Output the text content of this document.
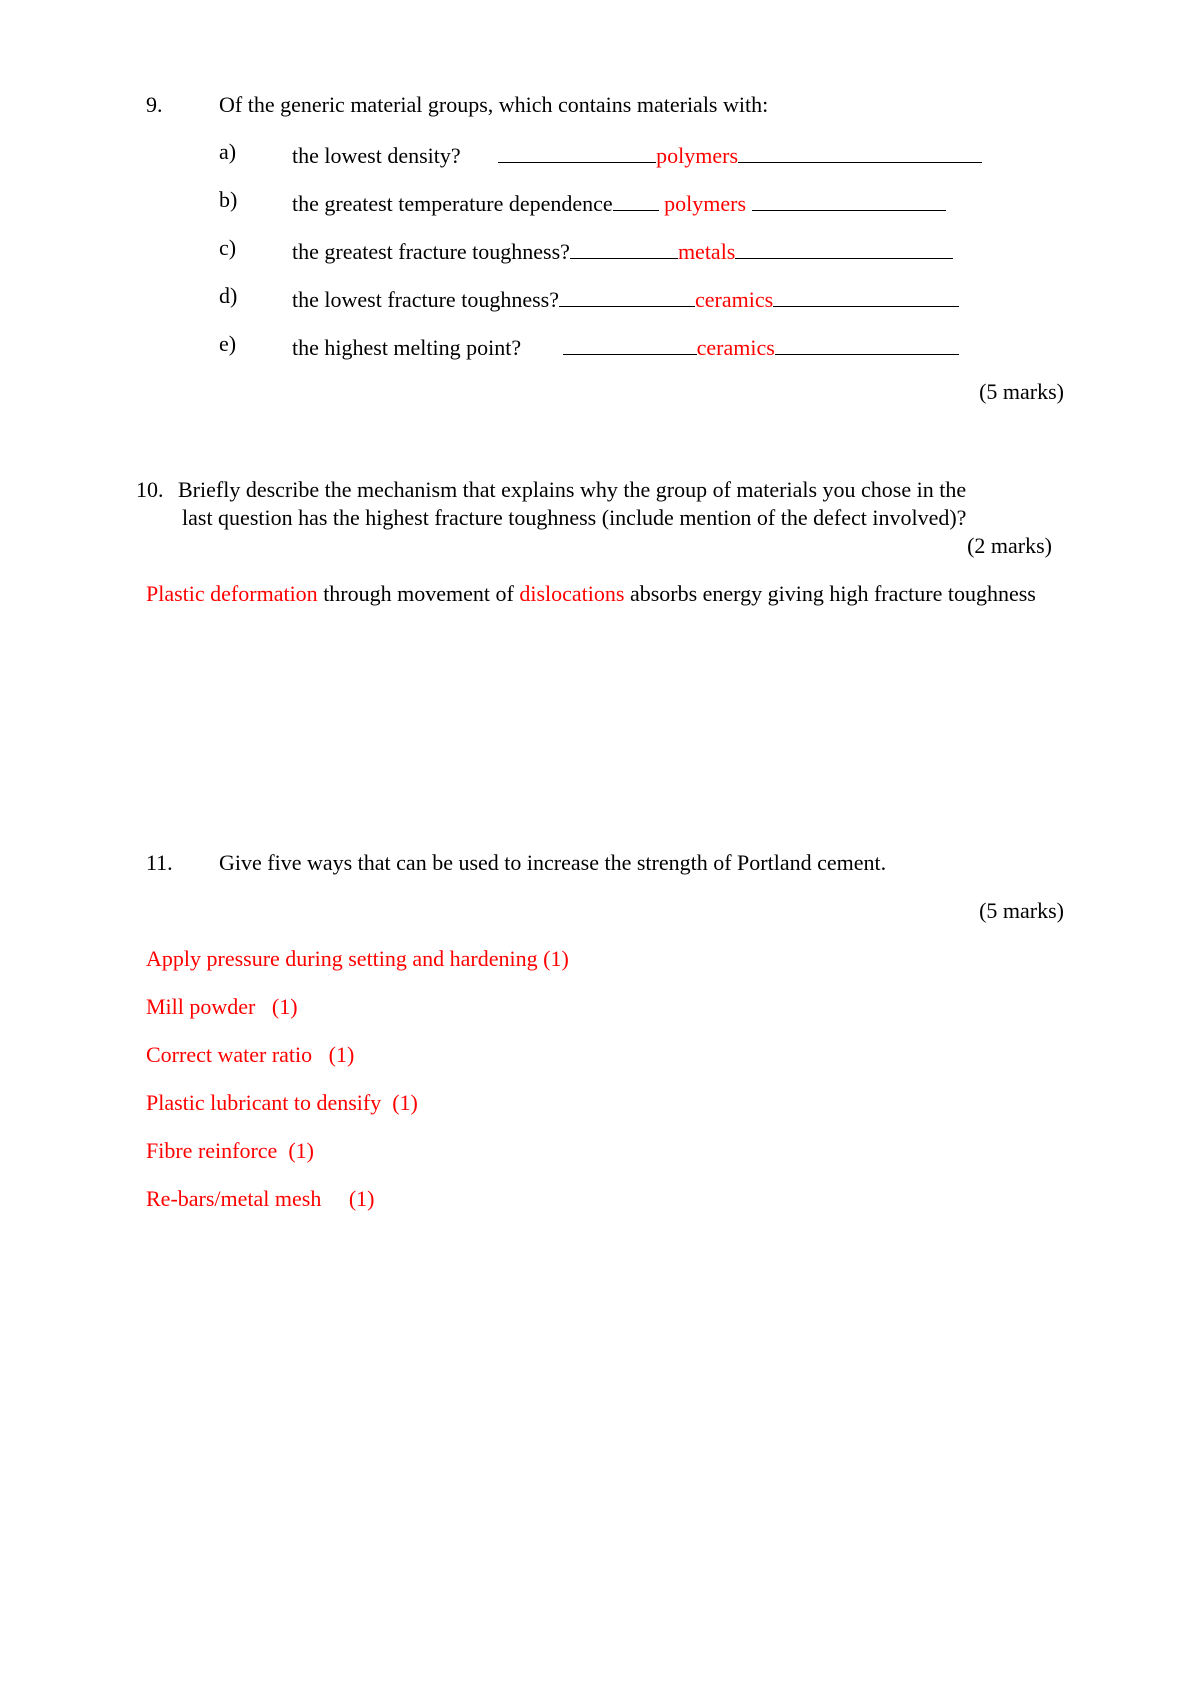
9.	Of the generic material groups, which contains materials with:
a)	the lowest density?	polymers
b) the greatest temperature dependence polymers
c)	the greatest fracture toughness?	metals
d) the lowest fracture toughness?	ceramics
e)	the highest melting point?	ceramics
(5 marks)
10. Briefly describe the mechanism that explains why the group of materials you chose in the
last question has the highest fracture toughness (include mention of the defect involved)?
(2 marks)
Plastic deformation through movement of dislocations absorbs energy giving high fracture toughness
11. Give five ways that can be used to increase the strength of Portland cement.
(5 marks)
Apply pressure during setting and hardening (1)
Mill powder   (1)
Correct water ratio   (1)
Plastic lubricant to densify  (1)
Fibre reinforce  (1)
Re-bars/metal mesh     (1)
